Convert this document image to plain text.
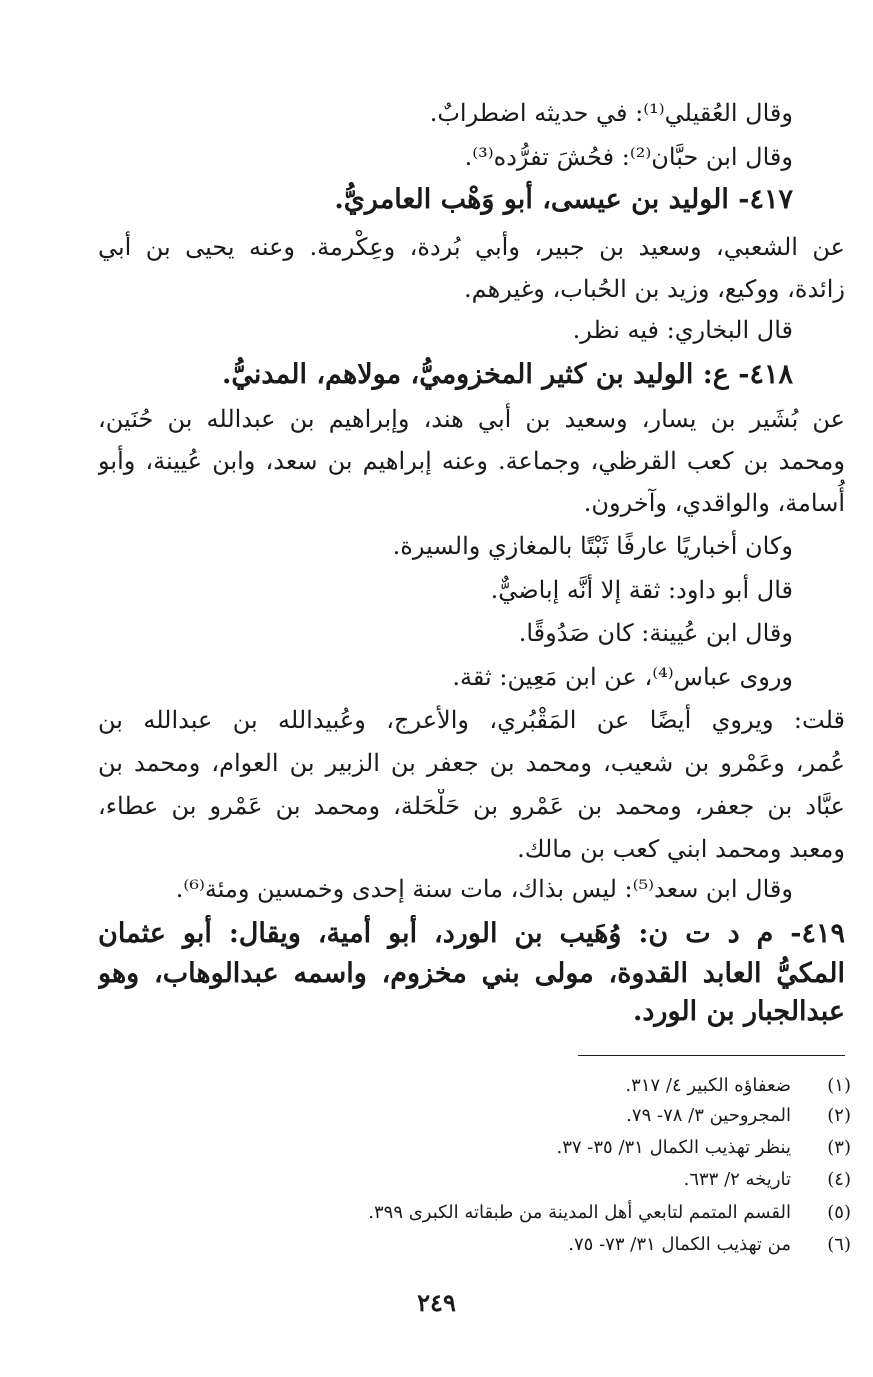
وقال العُقيلي⁽¹⁾: في حديثه اضطرابٌ.
وقال ابن حبَّان⁽²⁾: فحُشَ تفرُّده⁽³⁾.
٤١٧- الوليد بن عيسى، أبو وَهْب العامريُّ.
عن الشعبي، وسعيد بن جبير، وأبي بُردة، وعِكْرمة. وعنه يحيى بن أبي
زائدة، ووكيع، وزيد بن الحُباب، وغيرهم.
قال البخاري: فيه نظر.
٤١٨- ع: الوليد بن كثير المخزوميُّ، مولاهم، المدنيُّ.
عن بُشَير بن يسار، وسعيد بن أبي هند، وإبراهيم بن عبدالله بن حُنَين،
ومحمد بن كعب القرظي، وجماعة. وعنه إبراهيم بن سعد، وابن عُيينة، وأبو
أُسامة، والواقدي، وآخرون.
وكان أخباريًا عارفًا ثَبْتًا بالمغازي والسيرة.
قال أبو داود: ثقة إلا أنَّه إباضيٌّ.
وقال ابن عُيينة: كان صَدُوقًا.
وروى عباس⁽⁴⁾، عن ابن مَعِين: ثقة.
قلت: ويروي أيضًا عن المَقْبُري، والأعرج، وعُبيدالله بن عبدالله بن
عُمر، وعَمْرو بن شعيب، ومحمد بن جعفر بن الزبير بن العوام، ومحمد بن
عبَّاد بن جعفر، ومحمد بن عَمْرو بن حَلْحَلة، ومحمد بن عَمْرو بن عطاء،
ومعبد ومحمد ابني كعب بن مالك.
وقال ابن سعد⁽⁵⁾: ليس بذاك، مات سنة إحدى وخمسين ومئة⁽⁶⁾.
٤١٩- م د ت ن: وُهَيب بن الورد، أبو أُمية، ويقال: أبو عثمان
المكيُّ العابد القدوة، مولى بني مخزوم، واسمه عبدالوهاب، وهو
عبدالجبار بن الورد.
(١)ضعفاؤه الكبير ٤/ ٣١٧.
(٢)المجروحين ٣/ ٧٨- ٧٩.
(٣)ينظر تهذيب الكمال ٣١/ ٣٥- ٣٧.
(٤)تاريخه ٢/ ٦٣٣.
(٥)القسم المتمم لتابعي أهل المدينة من طبقاته الكبرى ٣٩٩.
(٦)من تهذيب الكمال ٣١/ ٧٣- ٧٥.
٢٤٩
